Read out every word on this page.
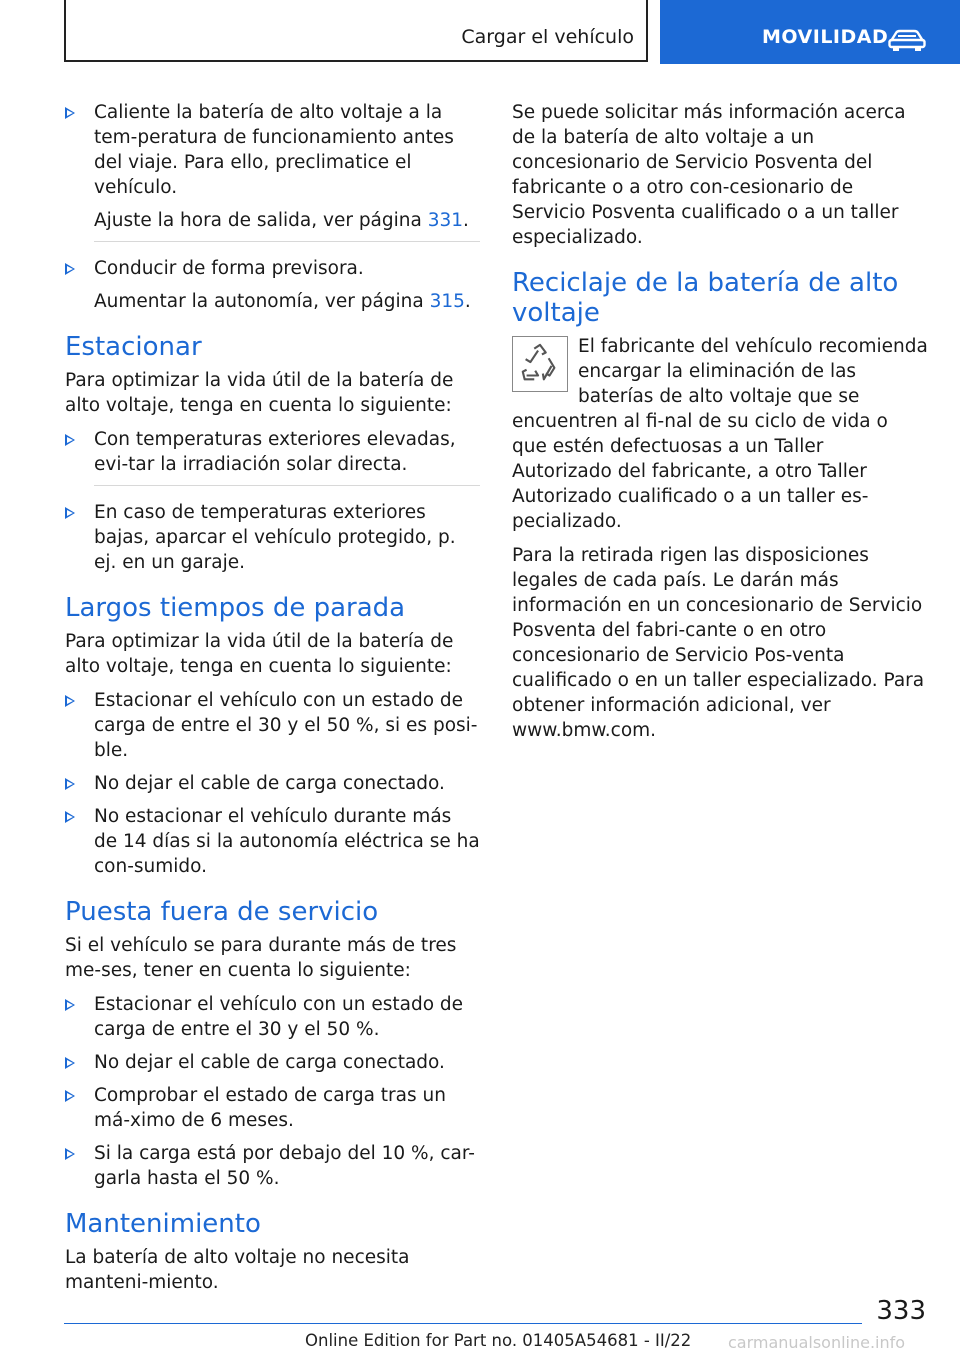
Cargar el vehículo	MOVILIDAD
Caliente la batería de alto voltaje a la tem-peratura de funcionamiento antes del viaje. Para ello, preclimatice el vehículo.
Ajuste la hora de salida, ver página 331.
Conducir de forma previsora.
Aumentar la autonomía, ver página 315.
Estacionar

Para optimizar la vida útil de la batería de alto voltaje, tenga en cuenta lo siguiente:

Con temperaturas exteriores elevadas, evi-tar la irradiación solar directa.
En caso de temperaturas exteriores bajas, aparcar el vehículo protegido, p. ej. en un garaje.
Largos tiempos de parada

Para optimizar la vida útil de la batería de alto voltaje, tenga en cuenta lo siguiente:

Estacionar el vehículo con un estado de carga de entre el 30 y el 50 %, si es posi-ble.
No dejar el cable de carga conectado.
No estacionar el vehículo durante más de 14 días si la autonomía eléctrica se ha con-sumido.
Puesta fuera de servicio

Si el vehículo se para durante más de tres me-ses, tener en cuenta lo siguiente:

Estacionar el vehículo con un estado de carga de entre el 30 y el 50 %.
No dejar el cable de carga conectado.
Comprobar el estado de carga tras un má-ximo de 6 meses.
Si la carga está por debajo del 10 %, car-garla hasta el 50 %.
Mantenimiento

La batería de alto voltaje no necesita manteni-miento.

Se puede solicitar más información acerca de la batería de alto voltaje a un concesionario de Servicio Posventa del fabricante o a otro con-cesionario de Servicio Posventa cualificado o a un taller especializado.

Reciclaje de la batería de alto voltaje

El fabricante del vehículo recomienda encargar la eliminación de las baterías de alto voltaje que se encuentren al fi-nal de su ciclo de vida o que estén defectuosas a un Taller Autorizado del fabricante, a otro Taller Autorizado cualificado o a un taller es-pecializado.

Para la retirada rigen las disposiciones legales de cada país. Le darán más información en un concesionario de Servicio Posventa del fabri-cante o en otro concesionario de Servicio Pos-venta cualificado o en un taller especializado. Para obtener información adicional, ver www.bmw.com.

333
Online Edition for Part no. 01405A54681 - II/22 carmanualsonline.info
